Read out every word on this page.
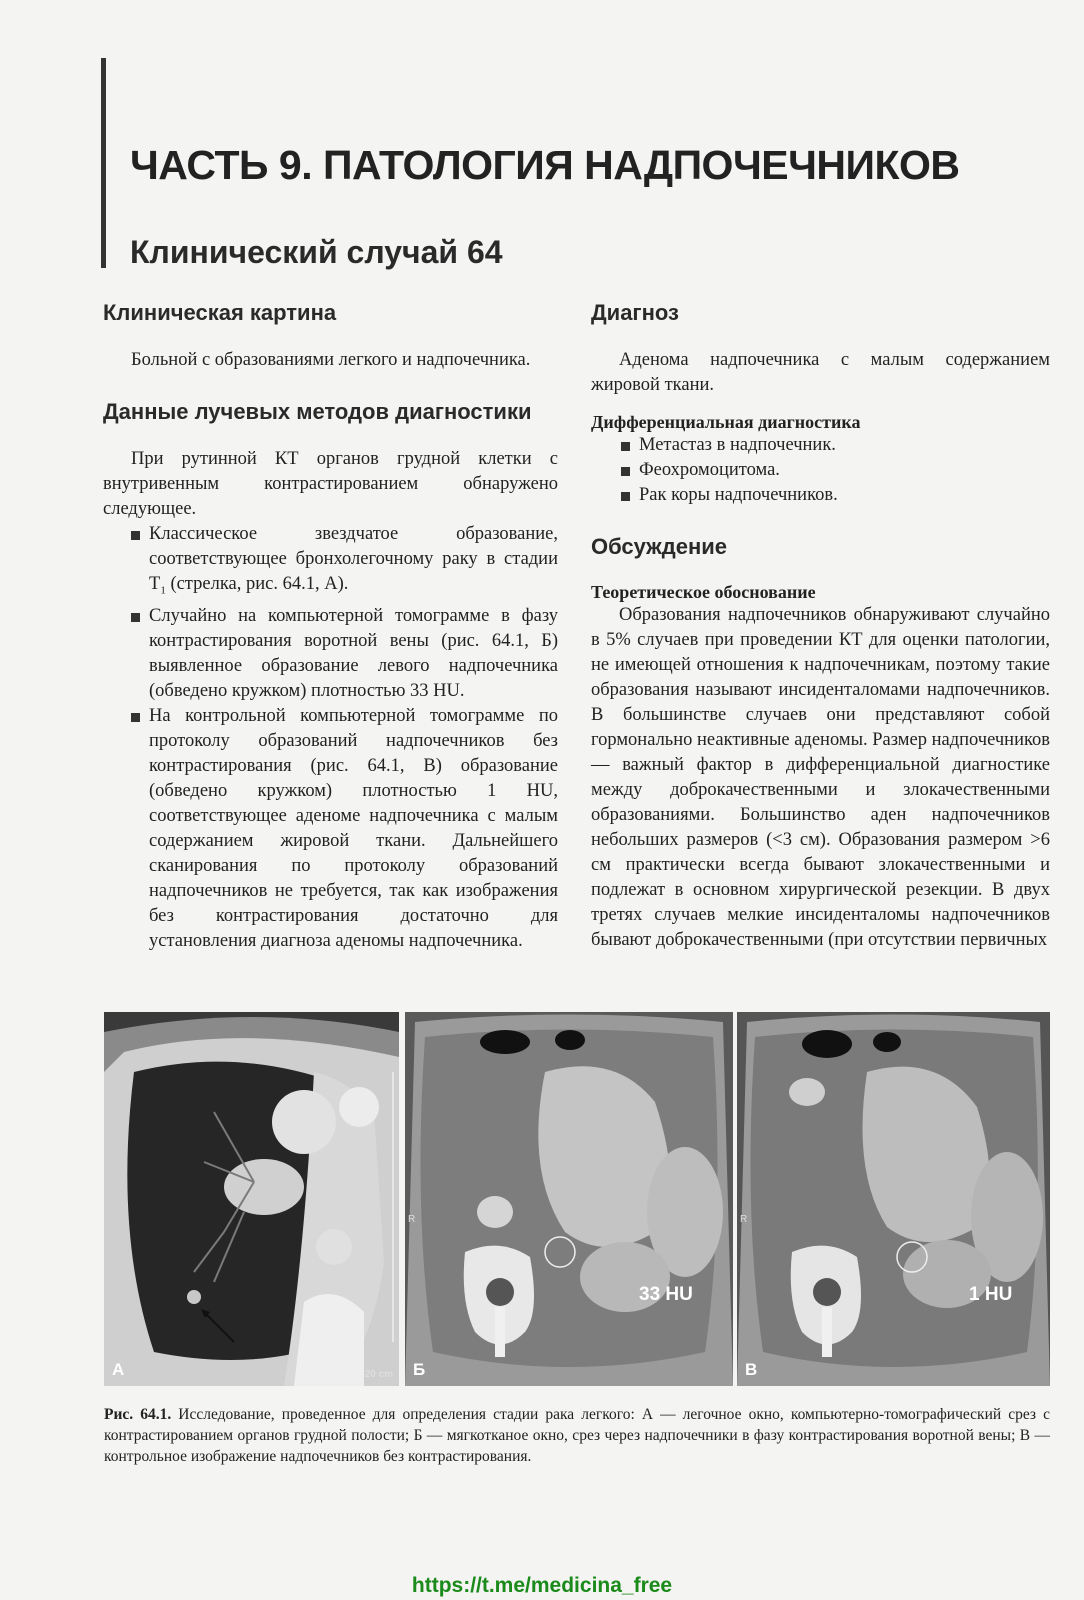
ЧАСТЬ 9. ПАТОЛОГИЯ НАДПОЧЕЧНИКОВ
Клинический случай 64
Клиническая картина

Больной с образованиями легкого и надпочечника.

Данные лучевых методов диагностики

При рутинной КТ органов грудной клетки с внутривенным контрастированием обнаружено следующее.

Классическое звездчатое образование, соответствующее бронхолегочному раку в стадии $T_1$ (стрелка, рис. 64.1, А).
Случайно на компьютерной томограмме в фазу контрастирования воротной вены (рис. 64.1, Б) выявленное образование левого надпочечника (обведено кружком) плотностью 33 HU.
На контрольной компьютерной томограмме по протоколу образований надпочечников без контрастирования (рис. 64.1, В) образование (обведено кружком) плотностью 1 HU, соответствующее аденоме надпочечника с малым содержанием жировой ткани. Дальнейшего сканирования по протоколу образований надпочечников не требуется, так как изображения без контрастирования достаточно для установления диагноза аденомы надпочечника.
Диагноз

Аденома надпочечника с малым содержанием жировой ткани.

Дифференциальная диагностика
Метастаз в надпочечник.
Феохромоцитома.
Рак коры надпочечников.
Обсуждение
Теоретическое обоснование

Образования надпочечников обнаруживают случайно в 5% случаев при проведении КТ для оценки патологии, не имеющей отношения к надпочечникам, поэтому такие образования называют инсиденталомами надпочечников. В большинстве случаев они представляют собой гормонально неактивные аденомы. Размер надпочечников — важный фактор в дифференциальной диагностике между доброкачественными и злокачественными образованиями. Большинство аден надпочечников небольших размеров (<3 см). Образования размером >6 см практически всегда бывают злокачественными и подлежат в основном хирургической резекции. В двух третях случаев мелкие инсиденталомы надпочечников бывают доброкачественными (при отсутствии первичных

А	20 cm
R
33 HU
Б
R
1 HU
В
Рис. 64.1. Исследование, проведенное для определения стадии рака легкого: А — легочное окно, компьютерно-томографический срез с контрастированием органов грудной полости; Б — мягкотканое окно, срез через надпочечники в фазу контрастирования воротной вены; В — контрольное изображение надпочечников без контрастирования.
https://t.me/medicina_free
